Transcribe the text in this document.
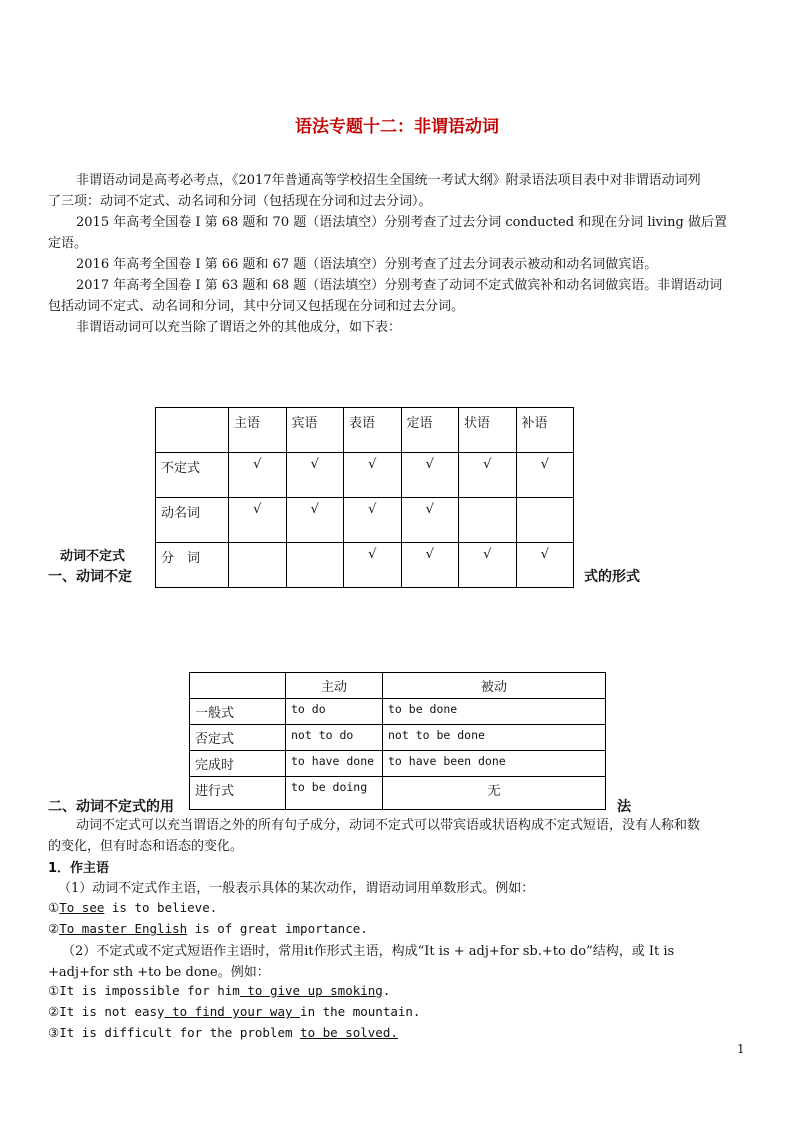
语法专题十二：非谓语动词
非谓语动词是高考必考点，《2017年普通高等学校招生全国统一考试大纲》附录语法项目表中对非谓语动词列
了三项：动词不定式、动名词和分词（包括现在分词和过去分词）。
2015 年高考全国卷 I 第 68 题和 70 题（语法填空）分别考查了过去分词 conducted 和现在分词 living 做后置
定语。
2016 年高考全国卷 I 第 66 题和 67 题（语法填空）分别考查了过去分词表示被动和动名词做宾语。
2017 年高考全国卷 I 第 63 题和 68 题（语法填空）分别考查了动词不定式做宾补和动名词做宾语。非谓语动词
包括动词不定式、动名词和分词，其中分词又包括现在分词和过去分词。
非谓语动词可以充当除了谓语之外的其他成分，如下表：
	主语	宾语	表语	定语	状语	补语
不定式	√	√	√	√	√	√
动名词	√	√	√	√		
分　词			√	√	√	√
动词不定式
一、动词不定	式的形式
	主动	被动
一般式	to do	to be done
否定式	not to do	not to be done
完成时	to have done	to have been done
进行式	to be doing	无
二、动词不定式的用	法
动词不定式可以充当谓语之外的所有句子成分，动词不定式可以带宾语或状语构成不定式短语，没有人称和数
的变化，但有时态和语态的变化。
1．作主语
（1）动词不定式作主语，一般表示具体的某次动作，谓语动词用单数形式。例如：
①To see is to believe.
②To master English is of great importance.
（2）不定式或不定式短语作主语时，常用it作形式主语，构成“It is + adj+for sb.+to do”结构，或 It is
+adj+for sth +to be done。例如：
①It is impossible for him to give up smoking.
②It is not easy to find your way in the mountain.
③It is difficult for the problem to be solved.
1
